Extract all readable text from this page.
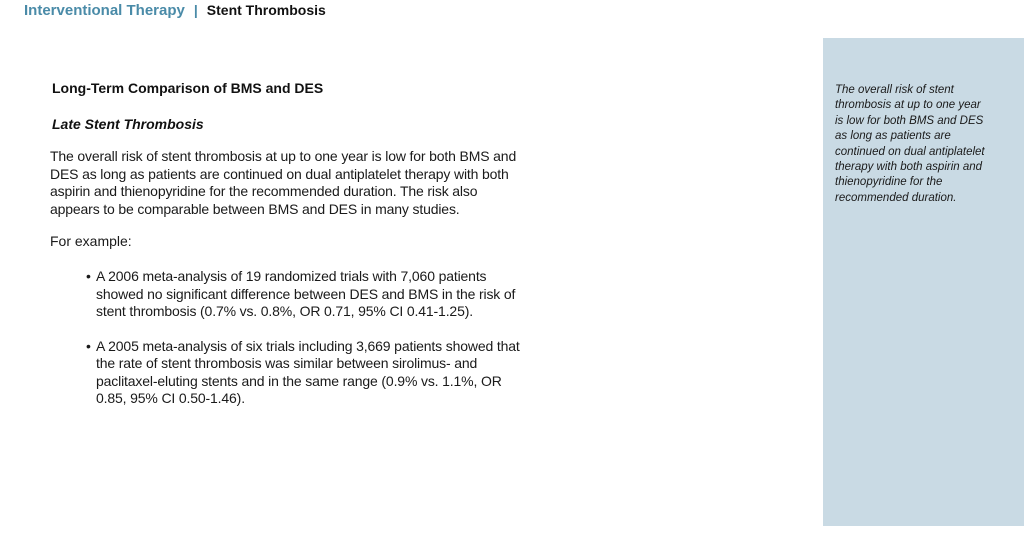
Interventional Therapy | Stent Thrombosis
Long-Term Comparison of BMS and DES
Late Stent Thrombosis
The overall risk of stent thrombosis at up to one year is low for both BMS and DES as long as patients are continued on dual antiplatelet therapy with both aspirin and thienopyridine for the recommended duration. The risk also appears to be comparable between BMS and DES in many studies.
For example:
• A 2006 meta-analysis of 19 randomized trials with 7,060 patients showed no significant difference between DES and BMS in the risk of stent thrombosis (0.7% vs. 0.8%, OR 0.71, 95% CI 0.41-1.25).
• A 2005 meta-analysis of six trials including 3,669 patients showed that the rate of stent thrombosis was similar between sirolimus- and paclitaxel-eluting stents and in the same range (0.9% vs. 1.1%, OR 0.85, 95% CI 0.50-1.46).
The overall risk of stent thrombosis at up to one year is low for both BMS and DES as long as patients are continued on dual antiplatelet therapy with both aspirin and thienopyridine for the recommended duration.
